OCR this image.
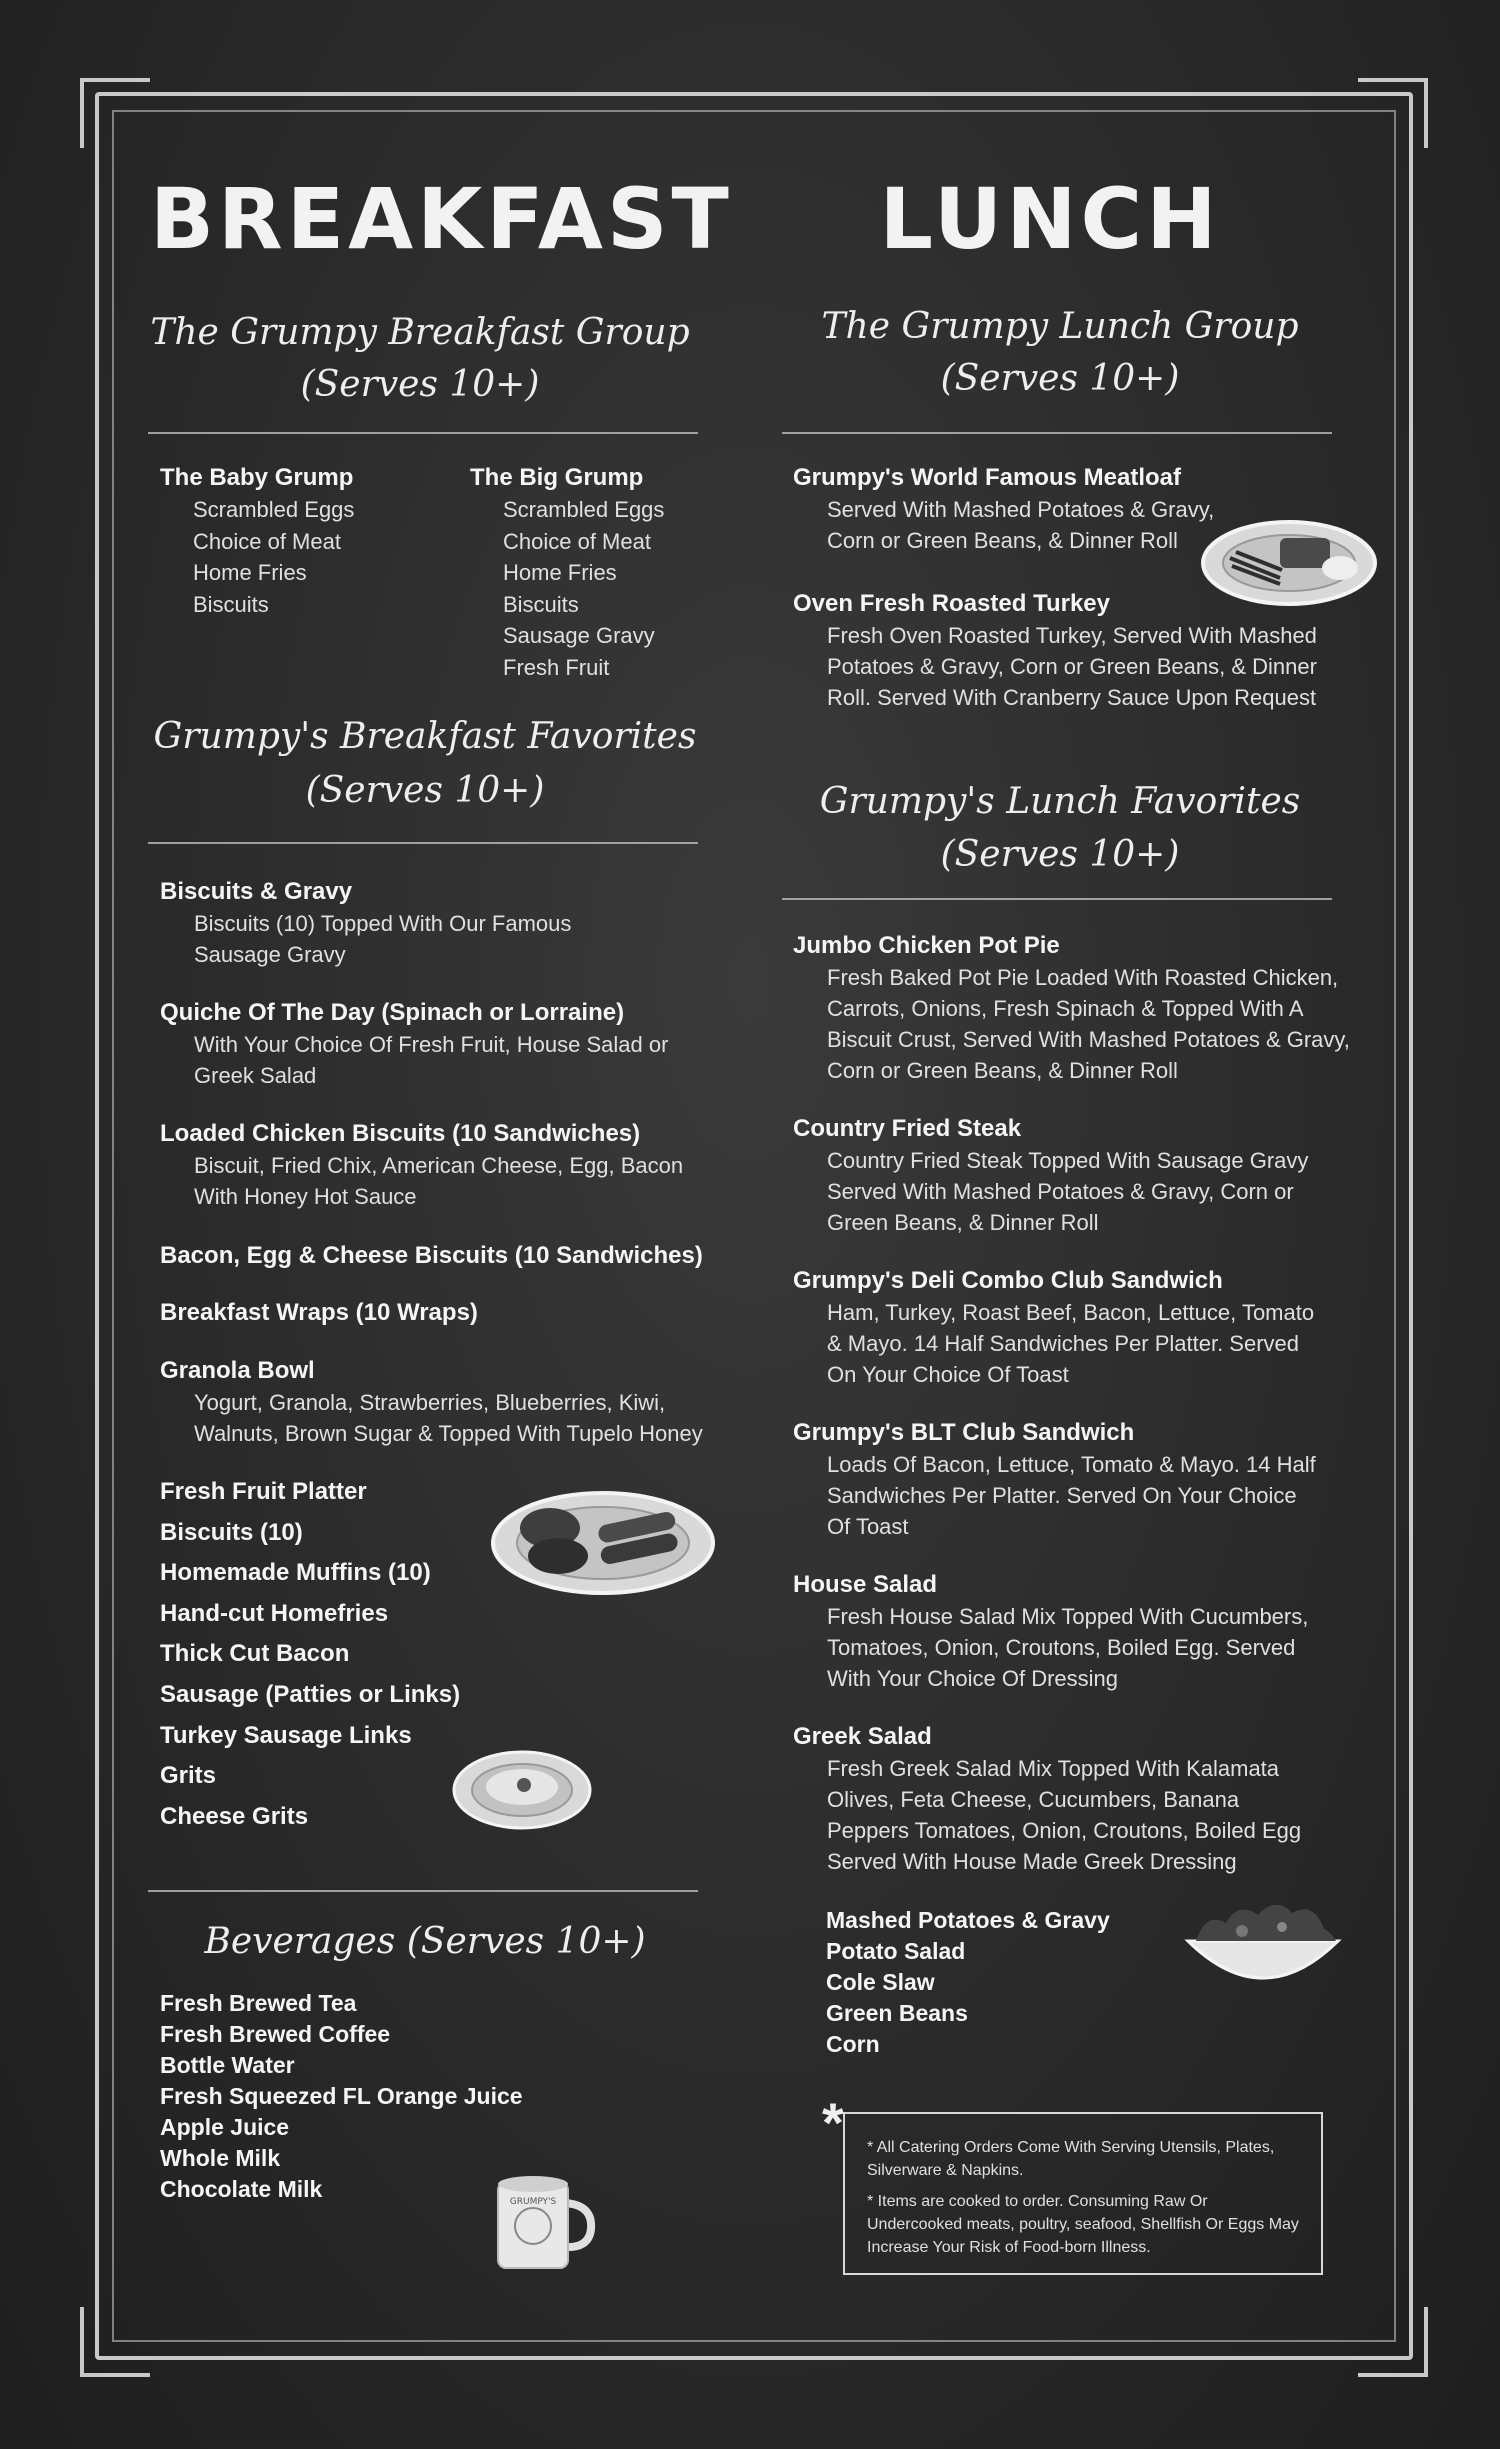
BREAKFAST
The Grumpy Breakfast Group
(Serves 10+)
The Baby Grump
Scrambled Eggs
Choice of Meat
Home Fries
Biscuits
The Big Grump
Scrambled Eggs
Choice of Meat
Home Fries
Biscuits
Sausage Gravy
Fresh Fruit
Grumpy's Breakfast Favorites
(Serves 10+)
Biscuits & Gravy
Biscuits (10) Topped With Our Famous Sausage Gravy
Quiche Of The Day (Spinach or Lorraine)
With Your Choice Of Fresh Fruit, House Salad or Greek Salad
Loaded Chicken Biscuits (10 Sandwiches)
Biscuit, Fried Chix, American Cheese, Egg, Bacon With Honey Hot Sauce
Bacon, Egg & Cheese Biscuits (10 Sandwiches)
Breakfast Wraps (10 Wraps)
Granola Bowl
Yogurt, Granola, Strawberries, Blueberries, Kiwi, Walnuts, Brown Sugar & Topped With Tupelo Honey
Fresh Fruit Platter
Biscuits (10)
Homemade Muffins (10)
Hand-cut Homefries
Thick Cut Bacon
Sausage (Patties or Links)
Turkey Sausage Links
Grits
Cheese Grits
Beverages (Serves 10+)
Fresh Brewed Tea
Fresh Brewed Coffee
Bottle Water
Fresh Squeezed FL Orange Juice
Apple Juice
Whole Milk
Chocolate Milk	GRUMPY'S
LUNCH
The Grumpy Lunch Group
(Serves 10+)
Grumpy's World Famous Meatloaf
Served With Mashed Potatoes & Gravy, Corn or Green Beans, & Dinner Roll
Oven Fresh Roasted Turkey
Fresh Oven Roasted Turkey, Served With Mashed Potatoes & Gravy, Corn or Green Beans, & Dinner Roll. Served With Cranberry Sauce Upon Request
Grumpy's Lunch Favorites
(Serves 10+)
Jumbo Chicken Pot Pie
Fresh Baked Pot Pie Loaded With Roasted Chicken, Carrots, Onions, Fresh Spinach & Topped With A Biscuit Crust, Served With Mashed Potatoes & Gravy, Corn or Green Beans, & Dinner Roll
Country Fried Steak
Country Fried Steak Topped With Sausage Gravy Served With Mashed Potatoes & Gravy, Corn or Green Beans, & Dinner Roll
Grumpy's Deli Combo Club Sandwich
Ham, Turkey, Roast Beef, Bacon, Lettuce, Tomato & Mayo. 14 Half Sandwiches Per Platter. Served On Your Choice Of Toast
Grumpy's BLT Club Sandwich
Loads Of Bacon, Lettuce, Tomato & Mayo. 14 Half Sandwiches Per Platter. Served On Your Choice Of Toast
House Salad
Fresh House Salad Mix Topped With Cucumbers, Tomatoes, Onion, Croutons, Boiled Egg. Served With Your Choice Of Dressing
Greek Salad
Fresh Greek Salad Mix Topped With Kalamata Olives, Feta Cheese, Cucumbers, Banana Peppers Tomatoes, Onion, Croutons, Boiled Egg Served With House Made Greek Dressing
Mashed Potatoes & Gravy
Potato Salad
Cole Slaw
Green Beans
Corn
* * All Catering Orders Come With Serving Utensils, Plates, Silverware & Napkins.
* Items are cooked to order. Consuming Raw Or Undercooked meats, poultry, seafood, Shellfish Or Eggs May Increase Your Risk of Food-born Illness.
